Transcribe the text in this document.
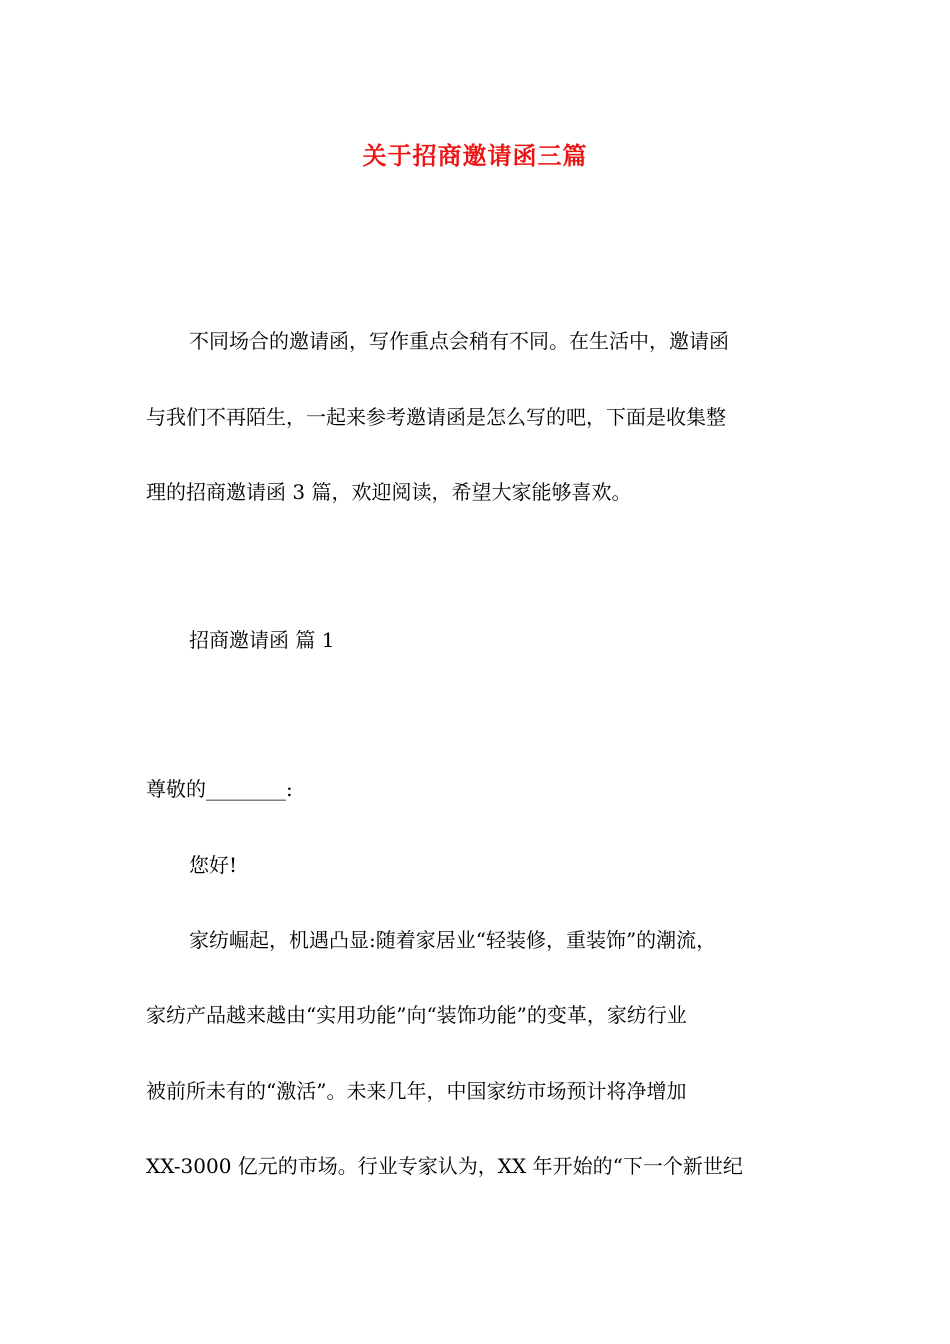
关于招商邀请函三篇
不同场合的邀请函，写作重点会稍有不同。在生活中，邀请函
与我们不再陌生，一起来参考邀请函是怎么写的吧，下面是收集整
理的招商邀请函 3 篇，欢迎阅读，希望大家能够喜欢。
招商邀请函 篇 1
尊敬的________:
您好!
家纺崛起，机遇凸显:随着家居业“轻装修，重装饰”的潮流，
家纺产品越来越由“实用功能”向“装饰功能”的变革，家纺行业
被前所未有的“激活”。未来几年，中国家纺市场预计将净增加
XX-3000 亿元的市场。行业专家认为，XX 年开始的“下一个新世纪
